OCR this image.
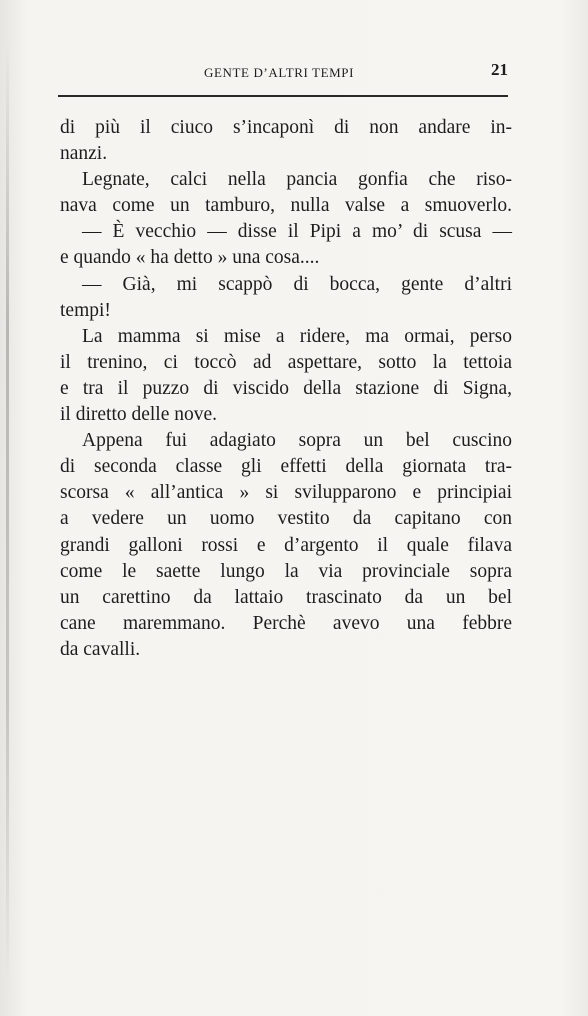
GENTE D’ALTRI TEMPI	21
di più il ciuco s’incaponì di non andare in-
nanzi.
Legnate, calci nella pancia gonfia che riso-
nava come un tamburo, nulla valse a smuoverlo.
— È vecchio — disse il Pipi a mo’ di scusa —
e quando « ha detto » una cosa....
— Già, mi scappò di bocca, gente d’altri
tempi!
La mamma si mise a ridere, ma ormai, perso
il trenino, ci toccò ad aspettare, sotto la tettoia
e tra il puzzo di viscido della stazione di Signa,
il diretto delle nove.
Appena fui adagiato sopra un bel cuscino
di seconda classe gli effetti della giornata tra-
scorsa « all’antica » si svilupparono e principiai
a vedere un uomo vestito da capitano con
grandi galloni rossi e d’argento il quale filava
come le saette lungo la via provinciale sopra
un carettino da lattaio trascinato da un bel
cane maremmano. Perchè avevo una febbre
da cavalli.
